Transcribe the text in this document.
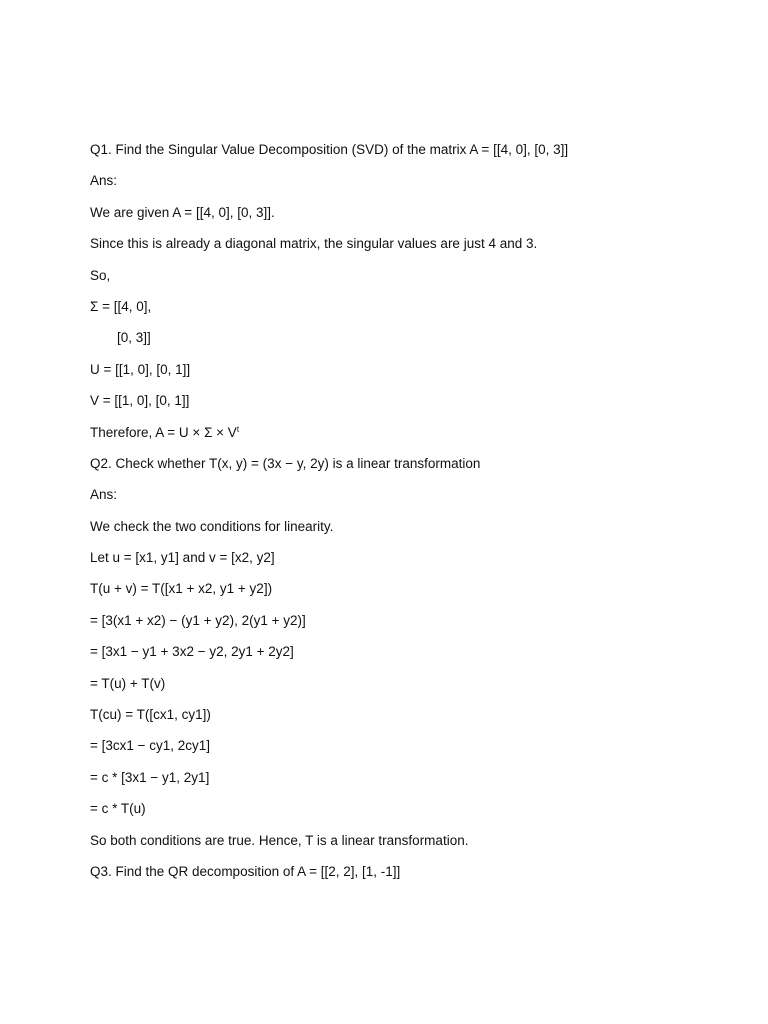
Q1. Find the Singular Value Decomposition (SVD) of the matrix A = [[4, 0], [0, 3]]
Ans:
We are given A = [[4, 0], [0, 3]].
Since this is already a diagonal matrix, the singular values are just 4 and 3.
So,
Σ = [[4, 0],
[0, 3]]
U = [[1, 0], [0, 1]]
V = [[1, 0], [0, 1]]
Therefore, $A = U \times \Sigma \times V^t$
Q2. Check whether T(x, y) = (3x − y, 2y) is a linear transformation
Ans:
We check the two conditions for linearity.
Let u = [x1, y1] and v = [x2, y2]
T(u + v) = T([x1 + x2, y1 + y2])
= [3(x1 + x2) − (y1 + y2), 2(y1 + y2)]
= [3x1 − y1 + 3x2 − y2, 2y1 + 2y2]
= T(u) + T(v)
T(cu) = T([cx1, cy1])
= [3cx1 − cy1, 2cy1]
= c * [3x1 − y1, 2y1]
= c * T(u)
So both conditions are true. Hence, T is a linear transformation.
Q3. Find the QR decomposition of A = [[2, 2], [1, -1]]
